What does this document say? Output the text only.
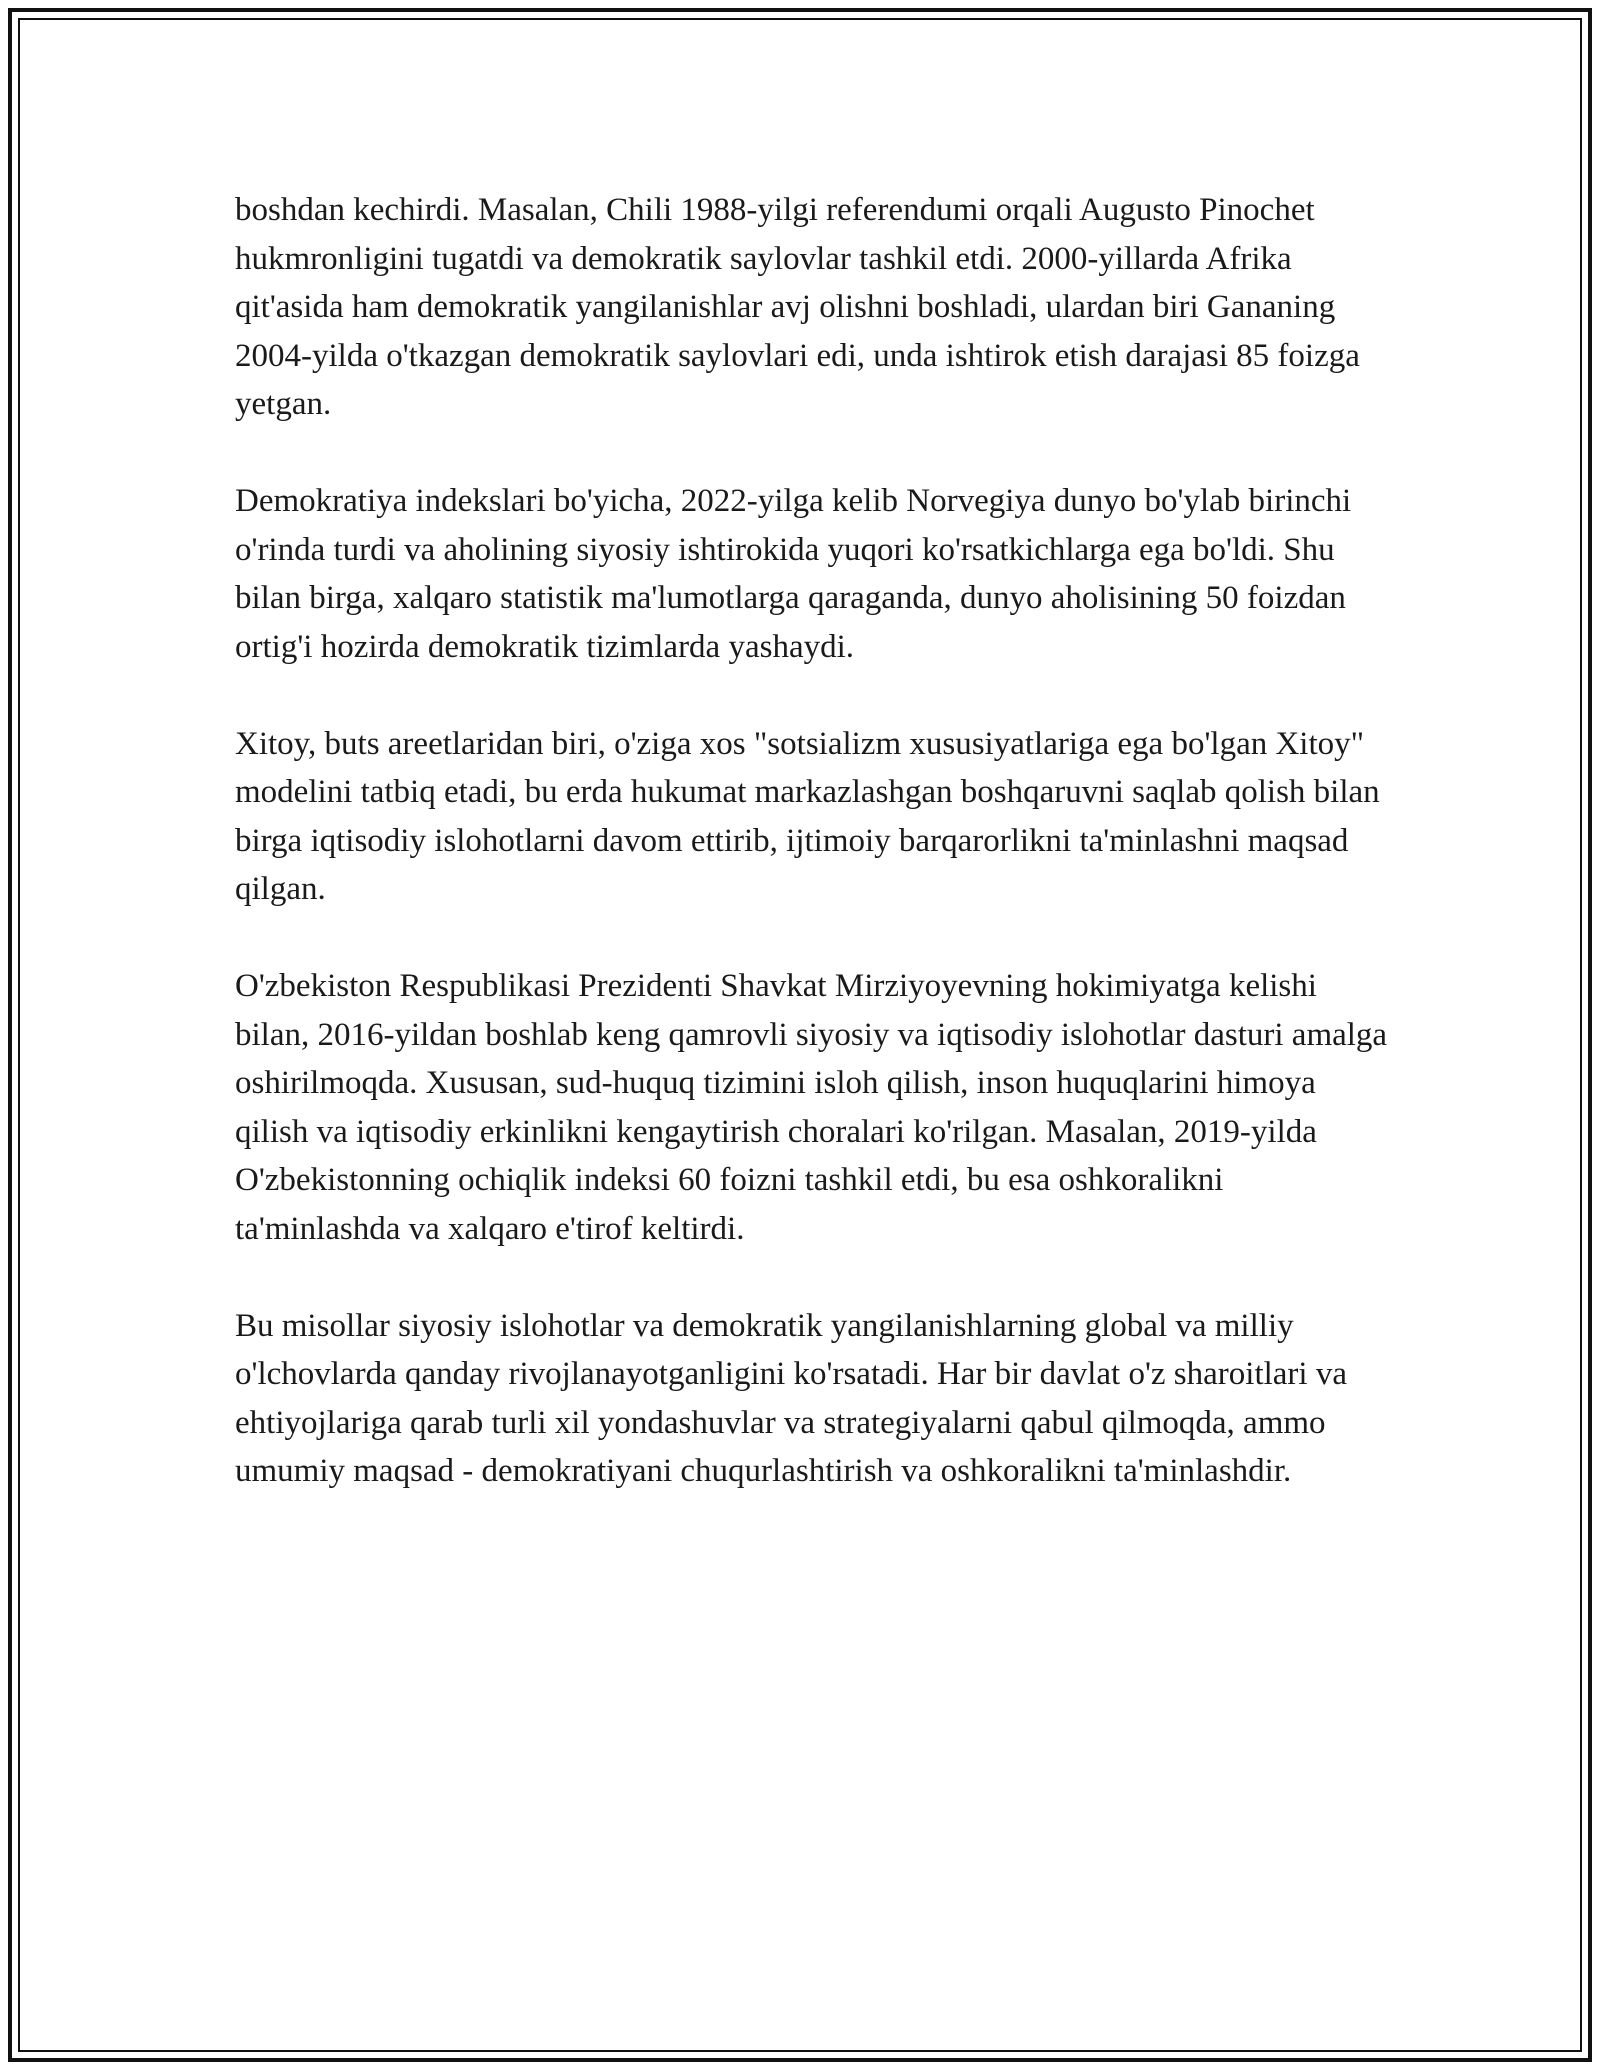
boshdan kechirdi. Masalan, Chili 1988-yilgi referendumi orqali Augusto Pinochet hukmronligini tugatdi va demokratik saylovlar tashkil etdi. 2000-yillarda Afrika qit'asida ham demokratik yangilanishlar avj olishni boshladi, ulardan biri Gananing 2004-yilda o'tkazgan demokratik saylovlari edi, unda ishtirok etish darajasi 85 foizga yetgan.

Demokratiya indekslari bo'yicha, 2022-yilga kelib Norvegiya dunyo bo'ylab birinchi o'rinda turdi va aholining siyosiy ishtirokida yuqori ko'rsatkichlarga ega bo'ldi. Shu bilan birga, xalqaro statistik ma'lumotlarga qaraganda, dunyo aholisining 50 foizdan ortig'i hozirda demokratik tizimlarda yashaydi.

Xitoy, buts areetlaridan biri, o'ziga xos "sotsializm xususiyatlariga ega bo'lgan Xitoy" modelini tatbiq etadi, bu erda hukumat markazlashgan boshqaruvni saqlab qolish bilan birga iqtisodiy islohotlarni davom ettirib, ijtimoiy barqarorlikni ta'minlashni maqsad qilgan.

O'zbekiston Respublikasi Prezidenti Shavkat Mirziyoyevning hokimiyatga kelishi bilan, 2016-yildan boshlab keng qamrovli siyosiy va iqtisodiy islohotlar dasturi amalga oshirilmoqda. Xususan, sud-huquq tizimini isloh qilish, inson huquqlarini himoya qilish va iqtisodiy erkinlikni kengaytirish choralari ko'rilgan. Masalan, 2019-yilda O'zbekistonning ochiqlik indeksi 60 foizni tashkil etdi, bu esa oshkoralikni ta'minlashda va xalqaro e'tirof keltirdi.

Bu misollar siyosiy islohotlar va demokratik yangilanishlarning global va milliy o'lchovlarda qanday rivojlanayotganligini ko'rsatadi. Har bir davlat o'z sharoitlari va ehtiyojlariga qarab turli xil yondashuvlar va strategiyalarni qabul qilmoqda, ammo umumiy maqsad - demokratiyani chuqurlashtirish va oshkoralikni ta'minlashdir.
